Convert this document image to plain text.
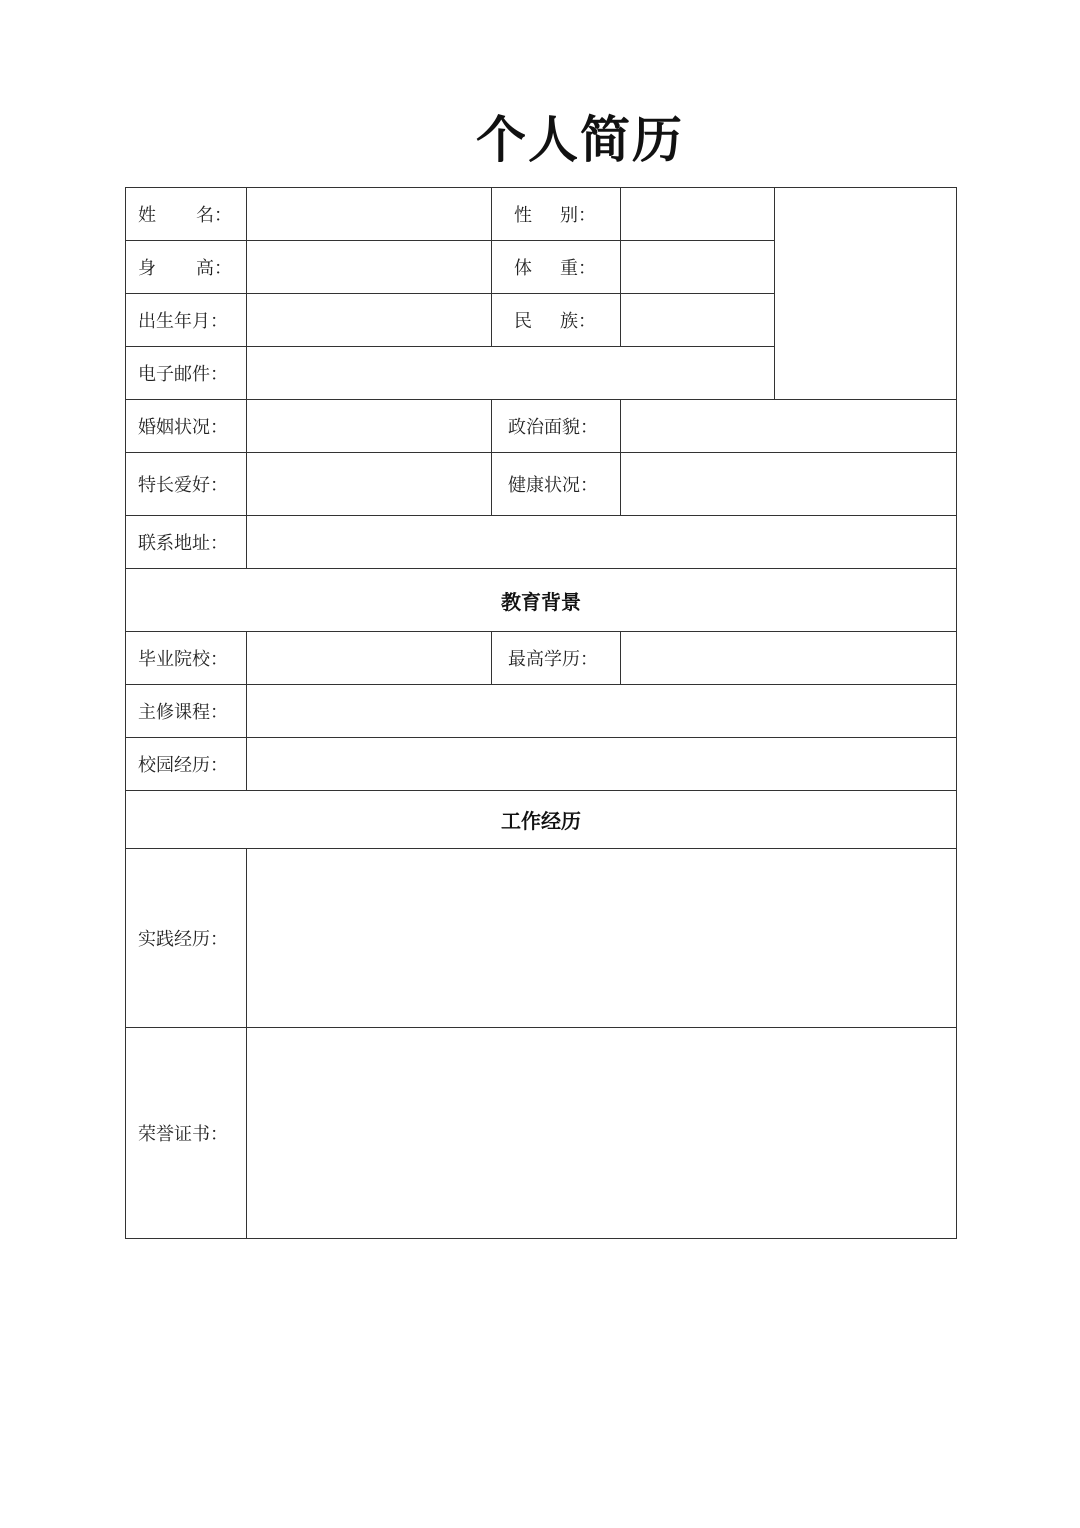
个人简历
姓 名：		性 别：		
身 高：		体 重：		
出生年月：		民 族：		
电子邮件：				
婚姻状况：		政治面貌：		
特长爱好：		健康状况：		
联系地址：				
教育背景				
毕业院校：		最高学历：		
主修课程：				
校园经历：				
工作经历				
实践经历：				
荣誉证书：				
